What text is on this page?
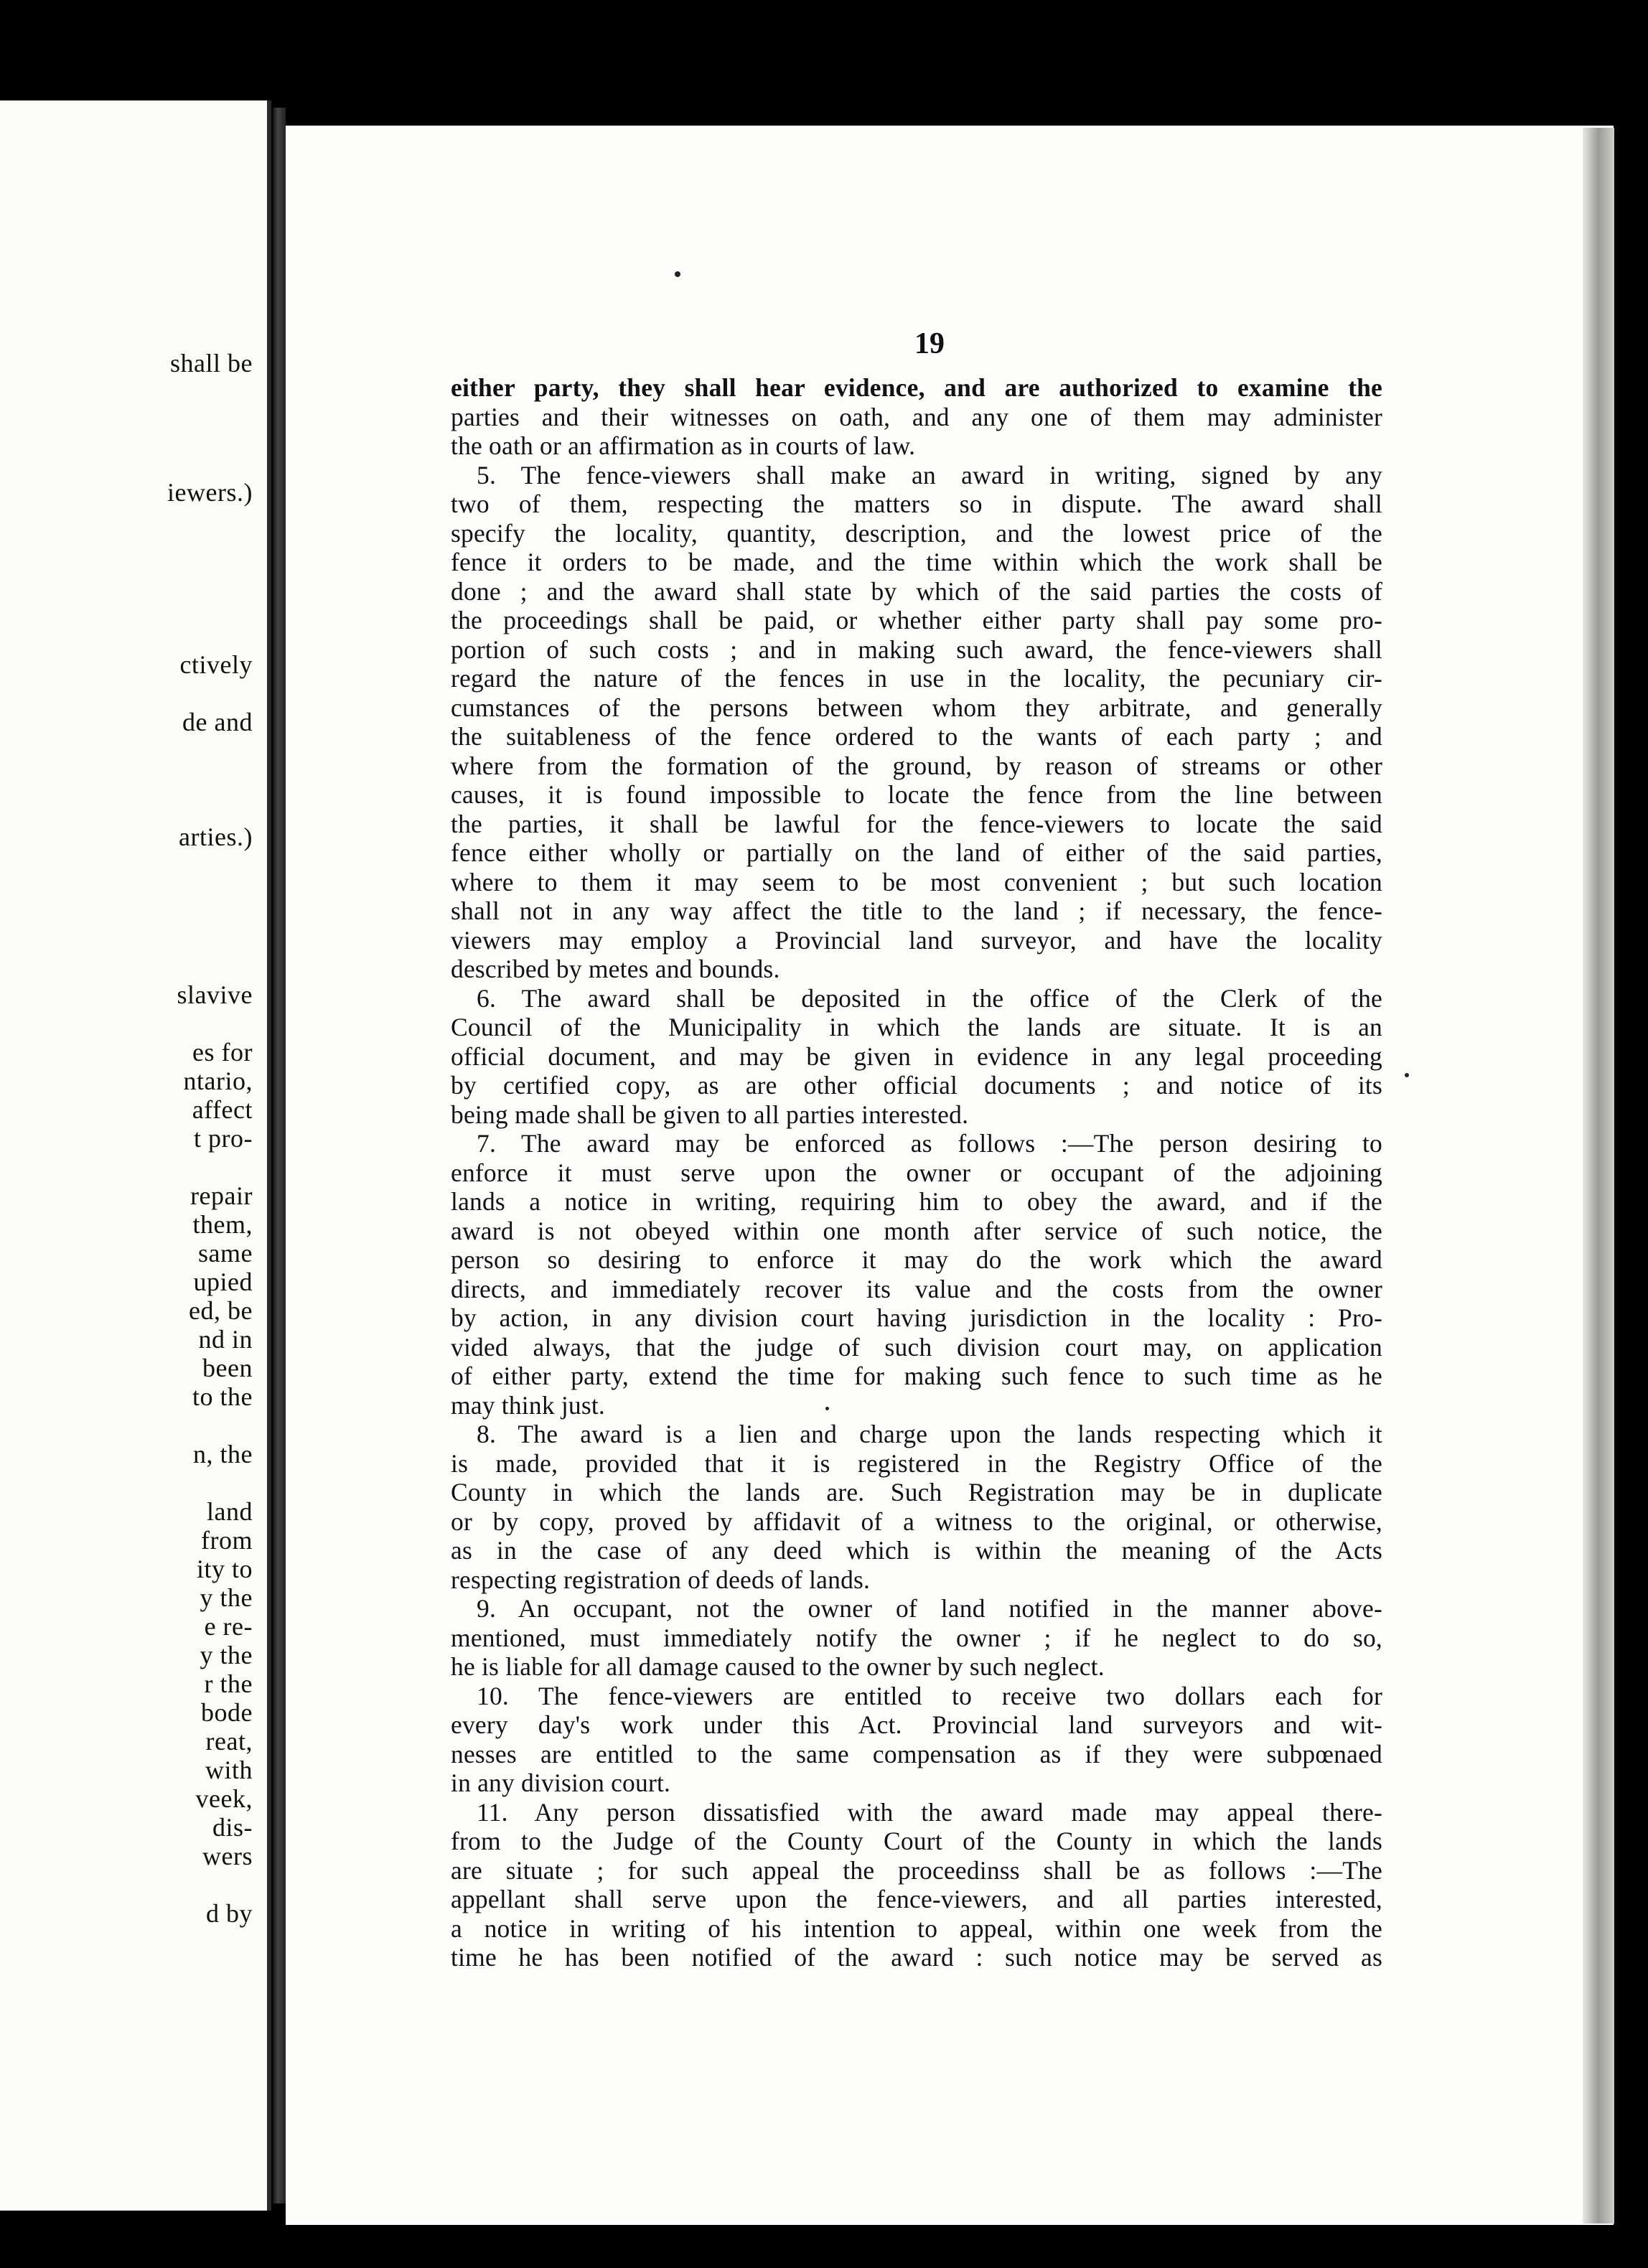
shall be
iewers.)
ctively
de and
arties.)
slavive
es for
ntario,
affect
t pro-
repair
them,
same
upied
ed, be
nd in
been
to the
n, the
land
from
ity to
y the
e re-
y the
r the
bode
reat,
with
veek,
dis-
wers
d by
19
either party, they shall hear evidence, and are authorized to examine the
parties and their witnesses on oath, and any one of them may administer
the oath or an affirmation as in courts of law.
5. The fence-viewers shall make an award in writing, signed by any
two of them, respecting the matters so in dispute. The award shall
specify the locality, quantity, description, and the lowest price of the
fence it orders to be made, and the time within which the work shall be
done ; and the award shall state by which of the said parties the costs of
the proceedings shall be paid, or whether either party shall pay some pro-
portion of such costs ; and in making such award, the fence-viewers shall
regard the nature of the fences in use in the locality, the pecuniary cir-
cumstances of the persons between whom they arbitrate, and generally
the suitableness of the fence ordered to the wants of each party ; and
where from the formation of the ground, by reason of streams or other
causes, it is found impossible to locate the fence from the line between
the parties, it shall be lawful for the fence-viewers to locate the said
fence either wholly or partially on the land of either of the said parties,
where to them it may seem to be most convenient ; but such location
shall not in any way affect the title to the land ; if necessary, the fence-
viewers may employ a Provincial land surveyor, and have the locality
described by metes and bounds.
6. The award shall be deposited in the office of the Clerk of the
Council of the Municipality in which the lands are situate. It is an
official document, and may be given in evidence in any legal proceeding
by certified copy, as are other official documents ; and notice of its
being made shall be given to all parties interested.
7. The award may be enforced as follows :—The person desiring to
enforce it must serve upon the owner or occupant of the adjoining
lands a notice in writing, requiring him to obey the award, and if the
award is not obeyed within one month after service of such notice, the
person so desiring to enforce it may do the work which the award
directs, and immediately recover its value and the costs from the owner
by action, in any division court having jurisdiction in the locality : Pro-
vided always, that the judge of such division court may, on application
of either party, extend the time for making such fence to such time as he
may think just.
8. The award is a lien and charge upon the lands respecting which it
is made, provided that it is registered in the Registry Office of the
County in which the lands are. Such Registration may be in duplicate
or by copy, proved by affidavit of a witness to the original, or otherwise,
as in the case of any deed which is within the meaning of the Acts
respecting registration of deeds of lands.
9. An occupant, not the owner of land notified in the manner above-
mentioned, must immediately notify the owner ; if he neglect to do so,
he is liable for all damage caused to the owner by such neglect.
10. The fence-viewers are entitled to receive two dollars each for
every day's work under this Act. Provincial land surveyors and wit-
nesses are entitled to the same compensation as if they were subpœnaed
in any division court.
11. Any person dissatisfied with the award made may appeal there-
from to the Judge of the County Court of the County in which the lands
are situate ; for such appeal the proceedinss shall be as follows :—The
appellant shall serve upon the fence-viewers, and all parties interested,
a notice in writing of his intention to appeal, within one week from the
time he has been notified of the award : such notice may be served as
